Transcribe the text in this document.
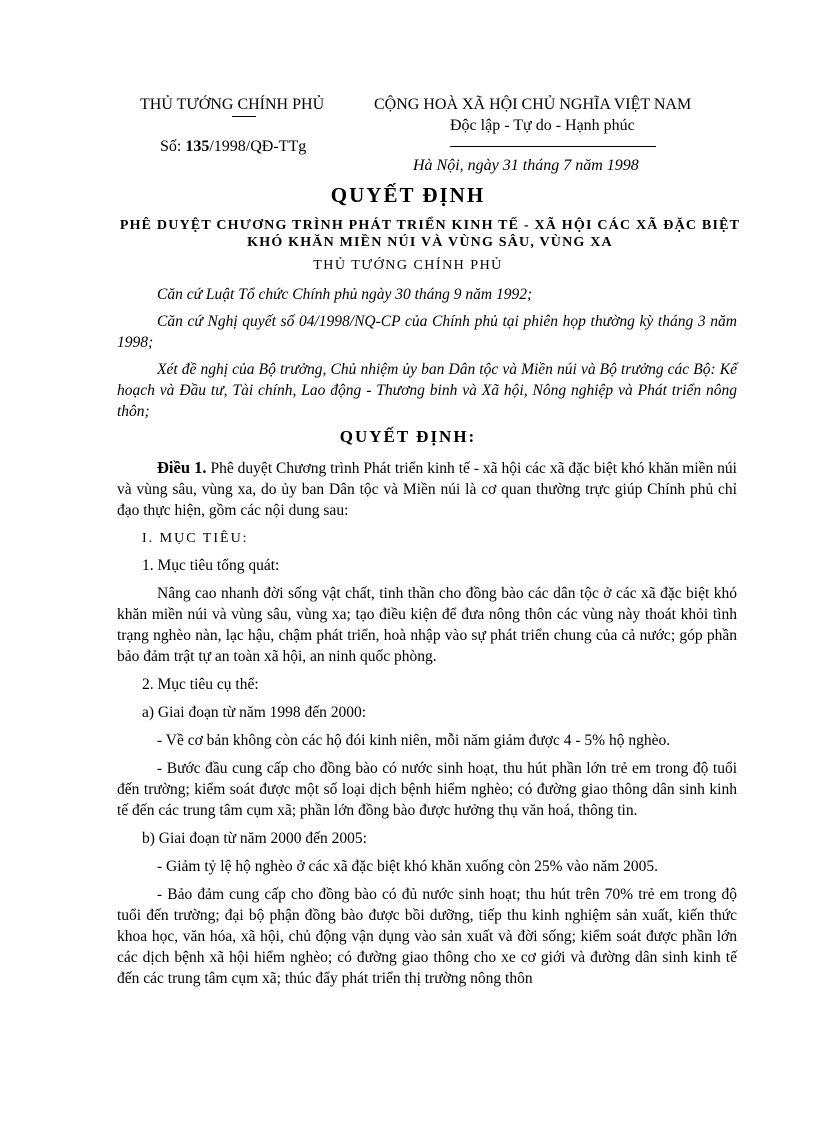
THỦ TƯỚNG CHÍNH PHỦ
Số: 135/1998/QĐ-TTg
CỘNG HOÀ XÃ HỘI CHỦ NGHĨA VIỆT NAM
Độc lập - Tự do - Hạnh phúc
Hà Nội, ngày 31 tháng 7 năm 1998
QUYẾT ĐỊNH
PHÊ DUYỆT CHƯƠNG TRÌNH PHÁT TRIỂN KINH TẾ - XÃ HỘI CÁC XÃ ĐẶC BIỆT KHÓ KHĂN MIỀN NÚI VÀ VÙNG SÂU, VÙNG XA
THỦ TƯỚNG CHÍNH PHỦ

Căn cứ Luật Tổ chức Chính phủ ngày 30 tháng 9 năm 1992;

Căn cứ Nghị quyết số 04/1998/NQ-CP của Chính phủ tại phiên họp thường kỳ tháng 3 năm 1998;

Xét đề nghị của Bộ trưởng, Chủ nhiệm ủy ban Dân tộc và Miền núi và Bộ trưởng các Bộ: Kế hoạch và Đầu tư, Tài chính, Lao động - Thương binh và Xã hội, Nông nghiệp và Phát triển nông thôn;

QUYẾT ĐỊNH:

Điều 1. Phê duyệt Chương trình Phát triển kinh tế - xã hội các xã đặc biệt khó khăn miền núi và vùng sâu, vùng xa, do ủy ban Dân tộc và Miền núi là cơ quan thường trực giúp Chính phủ chỉ đạo thực hiện, gồm các nội dung sau:

I. MỤC TIÊU:

1. Mục tiêu tổng quát:

Nâng cao nhanh đời sống vật chất, tinh thần cho đồng bào các dân tộc ở các xã đặc biệt khó khăn miền núi và vùng sâu, vùng xa; tạo điều kiện để đưa nông thôn các vùng này thoát khỏi tình trạng nghèo nàn, lạc hậu, chậm phát triển, hoà nhập vào sự phát triển chung của cả nước; góp phần bảo đảm trật tự an toàn xã hội, an ninh quốc phòng.

2. Mục tiêu cụ thể:

a) Giai đoạn từ năm 1998 đến 2000:

- Về cơ bản không còn các hộ đói kinh niên, mỗi năm giảm được 4 - 5% hộ nghèo.

- Bước đầu cung cấp cho đồng bào có nước sinh hoạt, thu hút phần lớn trẻ em trong độ tuổi đến trường; kiểm soát được một số loại dịch bệnh hiểm nghèo; có đường giao thông dân sinh kinh tế đến các trung tâm cụm xã; phần lớn đồng bào được hưởng thụ văn hoá, thông tin.

b) Giai đoạn từ năm 2000 đến 2005:

- Giảm tỷ lệ hộ nghèo ở các xã đặc biệt khó khăn xuống còn 25% vào năm 2005.

- Bảo đảm cung cấp cho đồng bào có đủ nước sinh hoạt; thu hút trên 70% trẻ em trong độ tuổi đến trường; đại bộ phận đồng bào được bồi dưỡng, tiếp thu kinh nghiệm sản xuất, kiến thức khoa học, văn hóa, xã hội, chủ động vận dụng vào sản xuất và đời sống; kiểm soát được phần lớn các dịch bệnh xã hội hiểm nghèo; có đường giao thông cho xe cơ giới và đường dân sinh kinh tế đến các trung tâm cụm xã; thúc đẩy phát triển thị trường nông thôn
